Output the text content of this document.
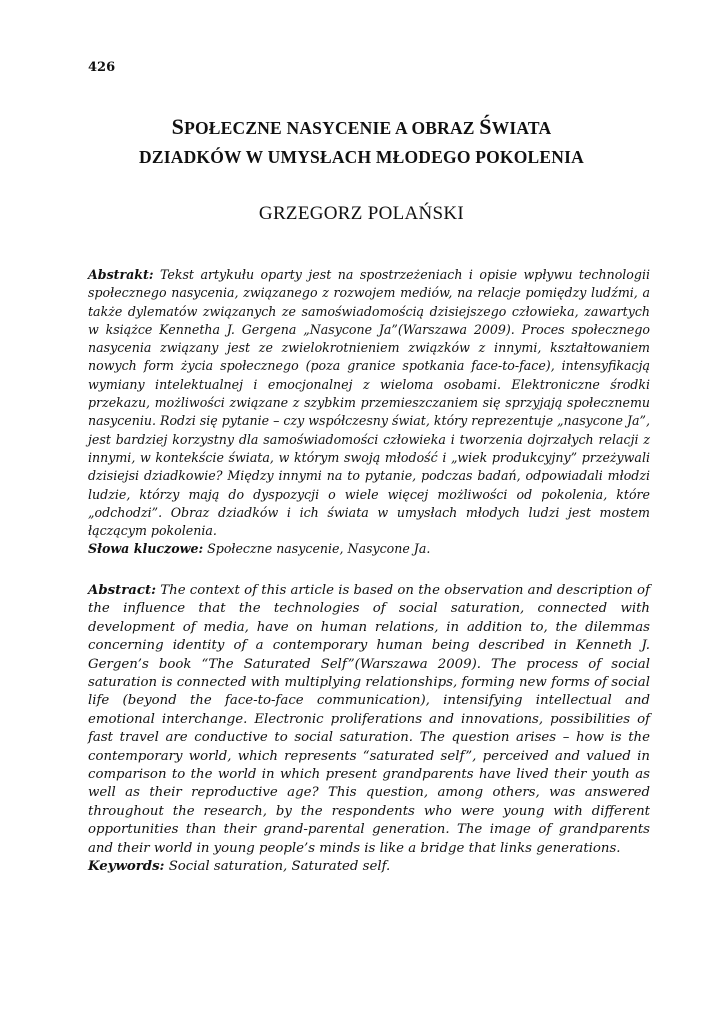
426
SPOŁECZNE NASYCENIE A OBRAZ ŚWIATA
DZIADKÓW W UMYSŁACH MŁODEGO POKOLENIA
GRZEGORZ POLAŃSKI

Abstrakt: Tekst artykułu oparty jest na spostrzeżeniach i opisie wpływu technologii społecznego nasycenia, związanego z rozwojem mediów, na relacje pomiędzy ludźmi, a także dylematów związanych ze samoświadomością dzisiejszego człowieka, zawartych w książce Kennetha J. Gergena „Nasycone Ja”(Warszawa 2009). Proces społecznego nasycenia związany jest ze zwielokrotnieniem związków z innymi, kształtowaniem nowych form życia społecznego (poza granice spotkania face-to-face), intensyfikacją wymiany intelektualnej i emocjonalnej z wieloma osobami. Elektroniczne środki przekazu, możliwości związane z szybkim przemieszczaniem się sprzyjają społecznemu nasyceniu. Rodzi się pytanie – czy współczesny świat, który reprezentuje „nasycone Ja”, jest bardziej korzystny dla samoświadomości człowieka i tworzenia dojrzałych relacji z innymi, w kontekście świata, w którym swoją młodość i „wiek produkcyjny” przeżywali dzisiejsi dziadkowie? Między innymi na to pytanie, podczas badań, odpowiadali młodzi ludzie, którzy mają do dyspozycji o wiele więcej możliwości od pokolenia, które „odchodzi”. Obraz dziadków i ich świata w umysłach młodych ludzi jest mostem łączącym pokolenia.

Słowa kluczowe: Społeczne nasycenie, Nasycone Ja.

Abstract: The context of this article is based on the observation and description of the influence that the technologies of social saturation, connected with development of media, have on human relations, in addition to, the dilemmas concerning identity of a contemporary human being described in Kenneth J. Gergen’s book “The Saturated Self”(Warszawa 2009). The process of social saturation is connected with multiplying relationships, forming new forms of social life (beyond the face-to-face communication), intensifying intellectual and emotional interchange. Electronic proliferations and innovations, possibilities of fast travel are conductive to social saturation. The question arises – how is the contemporary world, which represents “saturated self”, perceived and valued in comparison to the world in which present grandparents have lived their youth as well as their reproductive age? This question, among others, was answered throughout the research, by the respondents who were young with different opportunities than their grand-parental generation. The image of grandparents and their world in young people’s minds is like a bridge that links generations.

Keywords: Social saturation, Saturated self.
